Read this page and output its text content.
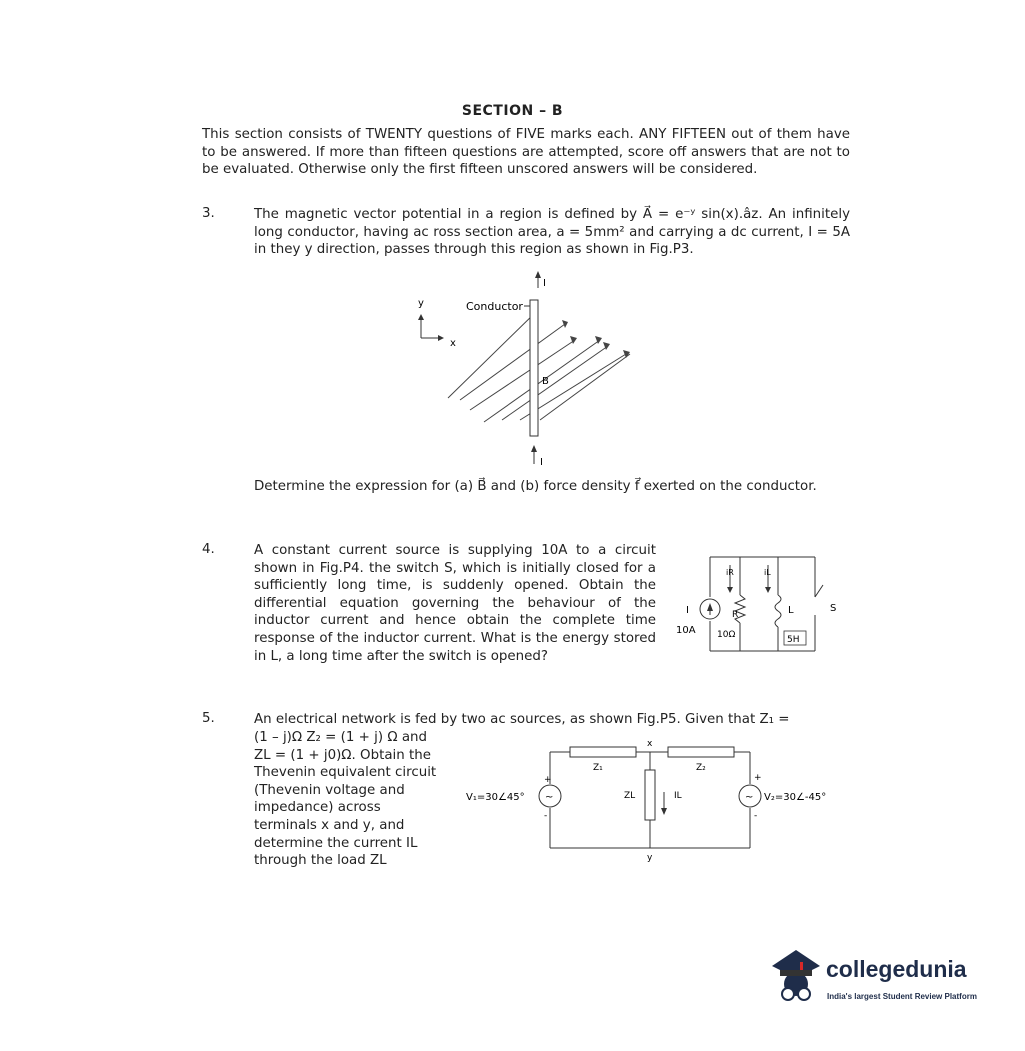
SECTION – B
This section consists of TWENTY questions of FIVE marks each. ANY FIFTEEN out of them have to be answered. If more than fifteen questions are attempted, score off answers that are not to be evaluated. Otherwise only the first fifteen unscored answers will be considered.
3.	The magnetic vector potential in a region is defined by A⃗ = e⁻ʸ sin(x).âz. An infinitely long conductor, having ac ross section area, a = 5mm² and carrying a dc current, I = 5A in they y direction, passes through this region as shown in Fig.P3.
I
y
x
Conductor
B
I
Determine the expression for (a) B⃗ and (b) force density f⃗ exerted on the conductor.
4.	A constant current source is supplying 10A to a circuit shown in Fig.P4. the switch S, which is initially closed for a sufficiently long time, is suddenly opened. Obtain the differential equation governing the behaviour of the inductor current and hence obtain the complete time response of the inductor current. What is the energy stored in L, a long time after the switch is opened?
I
10A
iR	iL
R
10Ω
L
5H
S
5.	An electrical network is fed by two ac sources, as shown Fig.P5. Given that Z₁ =
(1 – j)Ω Z₂ = (1 + j) Ω and ZL = (1 + j0)Ω. Obtain the Thevenin equivalent circuit (Thevenin voltage and impedance) across terminals x and y, and determine the current IL through the load ZL
x
y
Z₁	Z₂
ZL	IL
V₁=30∠45°	V₂=30∠-45°
+
-
+
-
~	~
collegedunia
India's largest Student Review Platform
